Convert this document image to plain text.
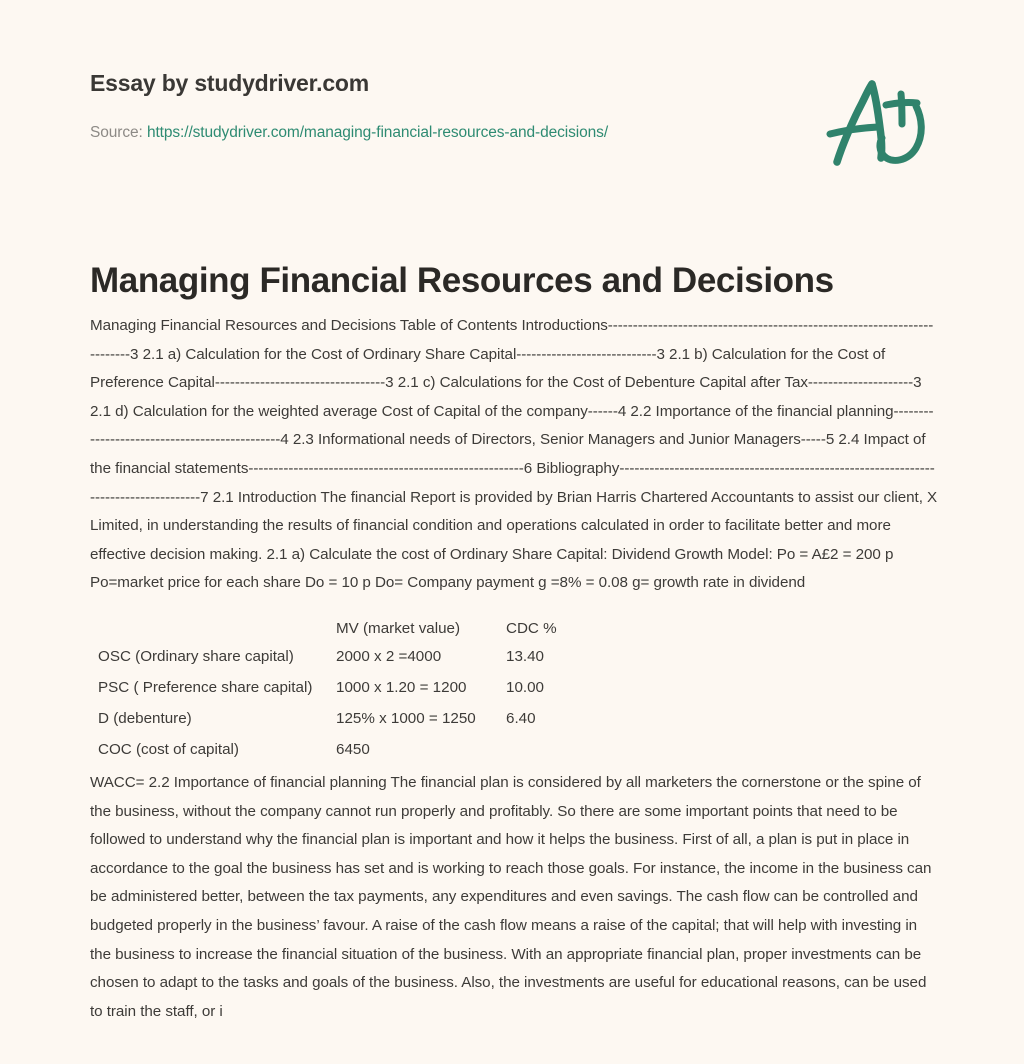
Essay by studydriver.com
Source: https://studydriver.com/managing-financial-resources-and-decisions/
Managing Financial Resources and Decisions

Managing Financial Resources and Decisions Table of Contents Introductions-------------------------------------------------------------------------3 2.1 a) Calculation for the Cost of Ordinary Share Capital----------------------------3 2.1 b) Calculation for the Cost of Preference Capital----------------------------------3 2.1 c) Calculations for the Cost of Debenture Capital after Tax---------------------3 2.1 d) Calculation for the weighted average Cost of Capital of the company------4 2.2 Importance of the financial planning----------------------------------------------4 2.3 Informational needs of Directors, Senior Managers and Junior Managers-----5 2.4 Impact of the financial statements-------------------------------------------------------6 Bibliography-------------------------------------------------------------------------------------7 2.1 Introduction The financial Report is provided by Brian Harris Chartered Accountants to assist our client, X Limited, in understanding the results of financial condition and operations calculated in order to facilitate better and more effective decision making. 2.1 a) Calculate the cost of Ordinary Share Capital: Dividend Growth Model: Po = A£2 = 200 p Po=market price for each share Do = 10 p Do= Company payment g =8% = 0.08 g= growth rate in dividend

	MV (market value)	CDC %
OSC (Ordinary share capital)	2000 x 2 =4000	13.40
PSC ( Preference share capital)	1000 x 1.20 = 1200	10.00
D (debenture)	125% x 1000 = 1250	6.40
COC (cost of capital)	6450	

WACC= 2.2 Importance of financial planning The financial plan is considered by all marketers the cornerstone or the spine of the business, without the company cannot run properly and profitably. So there are some important points that need to be followed to understand why the financial plan is important and how it helps the business. First of all, a plan is put in place in accordance to the goal the business has set and is working to reach those goals. For instance, the income in the business can be administered better, between the tax payments, any expenditures and even savings. The cash flow can be controlled and budgeted properly in the business’ favour. A raise of the cash flow means a raise of the capital; that will help with investing in the business to increase the financial situation of the business. With an appropriate financial plan, proper investments can be chosen to adapt to the tasks and goals of the business. Also, the investments are useful for educational reasons, can be used to train the staff, or i
